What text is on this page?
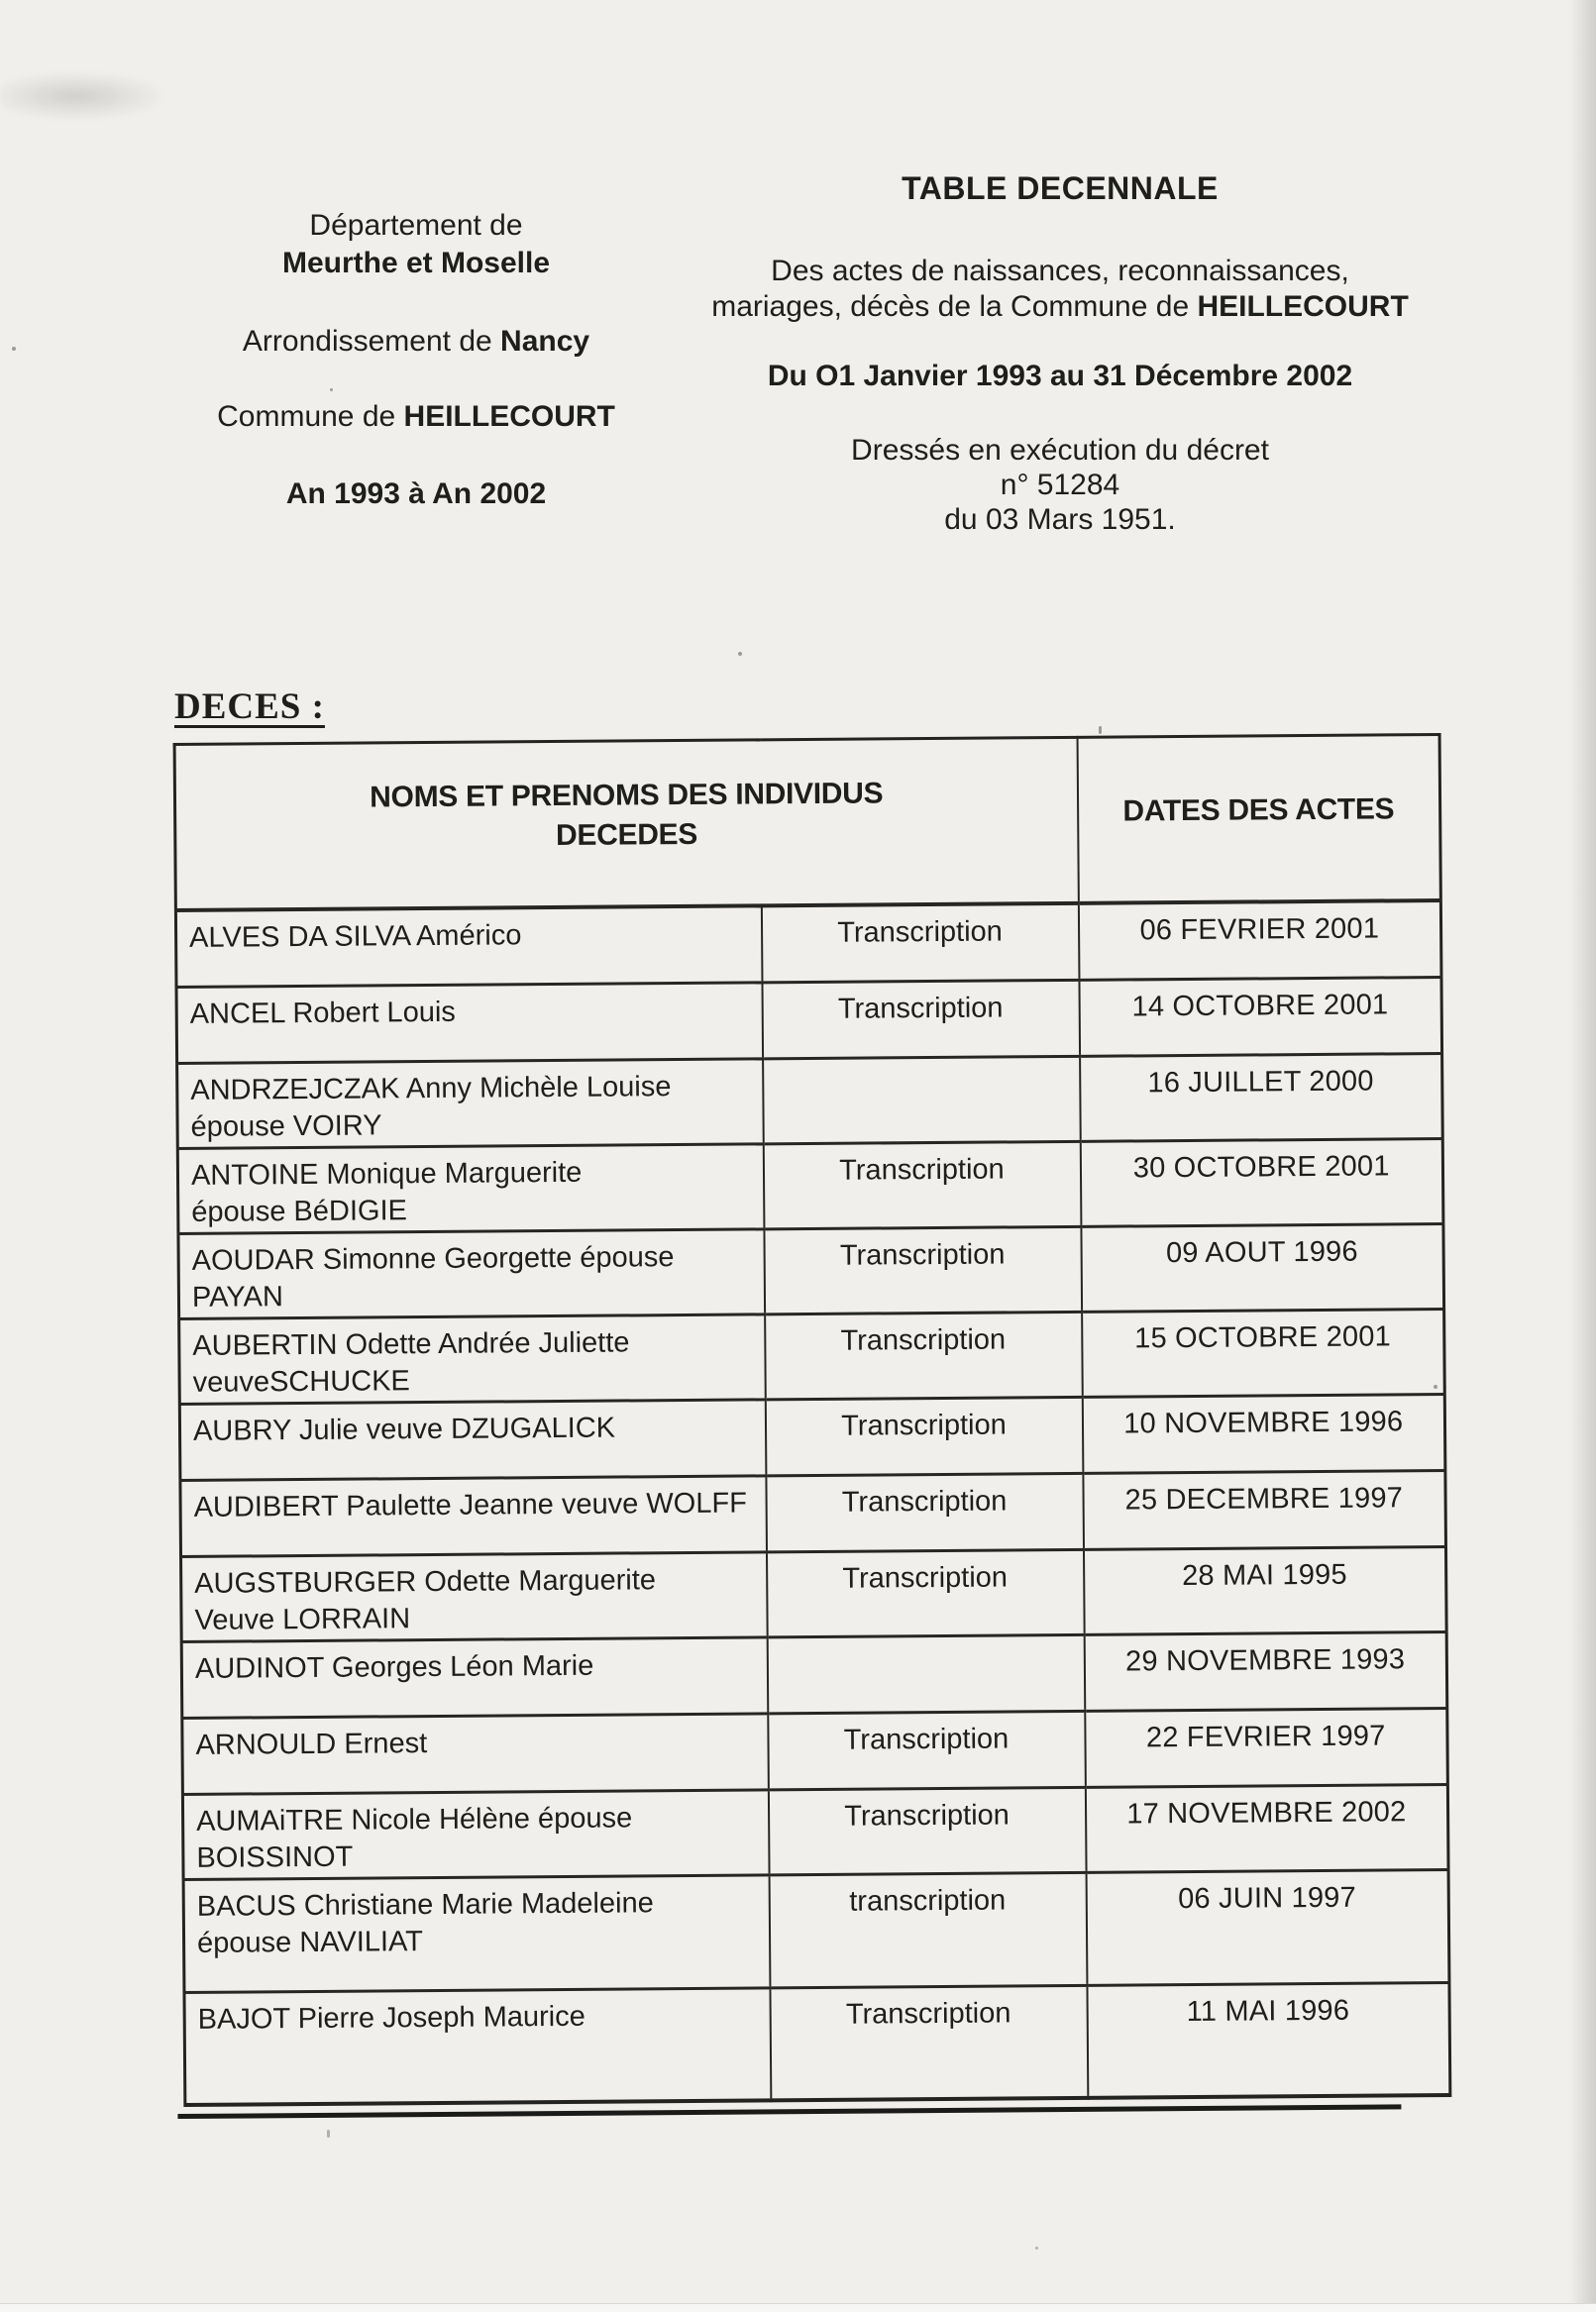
Département de
Meurthe et Moselle
Arrondissement de Nancy
Commune de HEILLECOURT
An 1993 à An 2002
TABLE DECENNALE
Des actes de naissances, reconnaissances,
mariages, décès de la Commune de HEILLECOURT
Du O1 Janvier 1993 au 31 Décembre 2002
Dressés en exécution du décret
n° 51284
du 03 Mars 1951.
DECES :
NOMS ET PRENOMS DES INDIVIDUS
DECEDES		DATES DES ACTES

ALVES DA SILVA Américo	Transcription	06 FEVRIER 2001

ANCEL Robert Louis	Transcription	14 OCTOBRE 2001

ANDRZEJCZAK Anny Michèle Louise
épouse VOIRY		16 JUILLET 2000

ANTOINE Monique Marguerite
épouse BéDIGIE	Transcription	30 OCTOBRE 2001

AOUDAR Simonne Georgette épouse PAYAN	Transcription	09 AOUT 1996

AUBERTIN Odette Andrée Juliette
veuveSCHUCKE	Transcription	15 OCTOBRE 2001

AUBRY Julie veuve DZUGALICK	Transcription	10 NOVEMBRE 1996

AUDIBERT Paulette Jeanne veuve WOLFF	Transcription	25 DECEMBRE 1997

AUGSTBURGER Odette Marguerite
Veuve LORRAIN	Transcription	28 MAI 1995

AUDINOT Georges Léon Marie		29 NOVEMBRE 1993

ARNOULD Ernest	Transcription	22 FEVRIER 1997

AUMAiTRE Nicole Hélène épouse
BOISSINOT	Transcription	17 NOVEMBRE 2002

BACUS Christiane Marie Madeleine
épouse NAVILIAT	transcription	06 JUIN 1997

BAJOT Pierre Joseph Maurice	Transcription	11 MAI 1996
